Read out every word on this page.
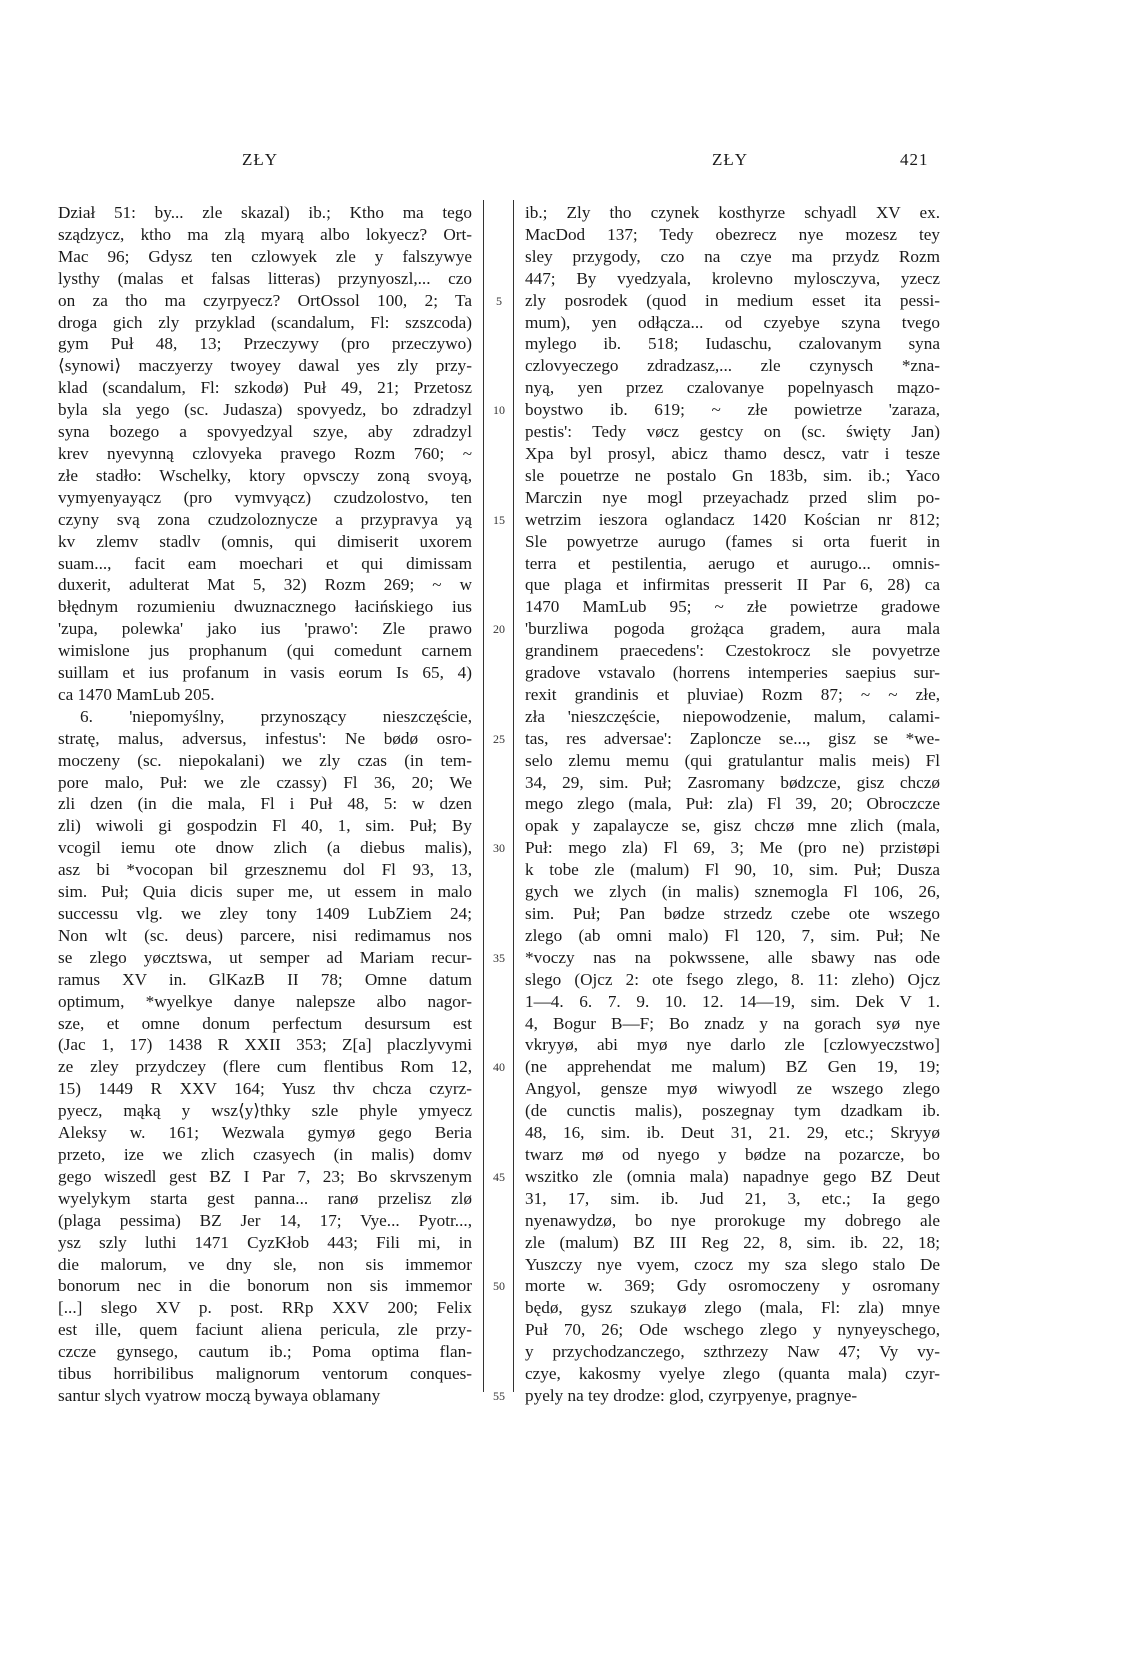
ZŁY	ZŁY	421
Dział 51: by... zle skazal) ib.; Ktho ma tego
sządzycz, ktho ma zlą myarą albo lokyecz? Ort-
Mac 96; Gdysz ten czlowyek zle y falszywye
lysthy (malas et falsas litteras) przynyoszl,... czo
on za tho ma czyrpyecz? OrtOssol 100, 2; Ta
droga gich zly przyklad (scandalum, Fl: szszcoda)
gym Puł 48, 13; Przeczywy (pro przeczywo)
⟨synowi⟩ maczyerzy twoyey dawal yes zly przy-
klad (scandalum, Fl: szkodø) Puł 49, 21; Przetosz
byla sla yego (sc. Judasza) spovyedz, bo zdradzyl
syna bozego a spovyedzyal szye, aby zdradzyl
krev nyevynną czlovyeka pravego Rozm 760; ~
złe stadło: Wschelky, ktory opvsczy zoną svoyą,
vymyenyayącz (pro vymvyącz) czudzolostvo, ten
czyny svą zona czudzoloznycze a przypravya yą
kv zlemv stadlv (omnis, qui dimiserit uxorem
suam..., facit eam moechari et qui dimissam
duxerit, adulterat Mat 5, 32) Rozm 269; ~ w
błędnym rozumieniu dwuznacznego łacińskiego ius
'zupa, polewka' jako ius 'prawo': Zle prawo
wimislone jus prophanum (qui comedunt carnem
suillam et ius profanum in vasis eorum Is 65, 4)
ca 1470 MamLub 205.
6. 'niepomyślny, przynoszący nieszczęście,
stratę, malus, adversus, infestus': Ne bødø osro-
moczeny (sc. niepokalani) we zly czas (in tem-
pore malo, Puł: we zle czassy) Fl 36, 20; We
zli dzen (in die mala, Fl i Puł 48, 5: w dzen
zli) wiwoli gi gospodzin Fl 40, 1, sim. Puł; By
vcogil iemu ote dnow zlich (a diebus malis),
asz bi *vocopan bil grzesznemu dol Fl 93, 13,
sim. Puł; Quia dicis super me, ut essem in malo
successu vlg. we zley tony 1409 LubZiem 24;
Non wlt (sc. deus) parcere, nisi redimamus nos
se zlego yøcztswa, ut semper ad Mariam recur-
ramus XV in. GlKazB II 78; Omne datum
optimum, *wyelkye danye nalepsze albo nagor-
sze, et omne donum perfectum desursum est
(Jac 1, 17) 1438 R XXII 353; Z[a] placzlyvymi
ze zley przydczey (flere cum flentibus Rom 12,
15) 1449 R XXV 164; Yusz thv chcza czyrz-
pyecz, mąką y wsz⟨y⟩thky szle phyle ymyecz
Aleksy w. 161; Wezwala gymyø gego Beria
przeto, ize we zlich czasyech (in malis) domv
gego wiszedl gest BZ I Par 7, 23; Bo skrvszenym
wyelykym starta gest panna... ranø przelisz zlø
(plaga pessima) BZ Jer 14, 17; Vye... Pyotr...,
ysz szly luthi 1471 CyzKłob 443; Fili mi, in
die malorum, ve dny sle, non sis immemor
bonorum nec in die bonorum non sis immemor
[...] slego XV p. post. RRp XXV 200; Felix
est ille, quem faciunt aliena pericula, zle przy-
czcze gynsego, cautum ib.; Poma optima flan-
tibus horribilibus malignorum ventorum conques-
santur slych vyatrow moczą bywaya oblamany
5
10
15
20
25
30
35
40
45
50
55
ib.; Zly tho czynek kosthyrze schyadl XV ex.
MacDod 137; Tedy obezrecz nye mozesz tey
sley przygody, czo na czye ma przydz Rozm
447; By vyedzyala, krolevno mylosczyva, yzecz
zly posrodek (quod in medium esset ita pessi-
mum), yen odłącza... od czyebye szyna tvego
mylego ib. 518; Iudaschu, czalovanym syna
czlovyeczego zdradzasz,... zle czynysch *zna-
nyą, yen przez czalovanye popelnyasch mązo-
boystwo ib. 619; ~ złe powietrze 'zaraza,
pestis': Tedy vøcz gestcy on (sc. święty Jan)
Xpa byl prosyl, abicz thamo descz, vatr i tesze
sle pouetrze ne postalo Gn 183b, sim. ib.; Yaco
Marczin nye mogl przeyachadz przed slim po-
wetrzim ieszora oglandacz 1420 Kościan nr 812;
Sle powyetrze aurugo (fames si orta fuerit in
terra et pestilentia, aerugo et aurugo... omnis-
que plaga et infirmitas presserit II Par 6, 28) ca
1470 MamLub 95; ~ złe powietrze gradowe
'burzliwa pogoda grożąca gradem, aura mala
grandinem praecedens': Czestokrocz sle povyetrze
gradove vstavalo (horrens intemperies saepius sur-
rexit grandinis et pluviae) Rozm 87; ~ ~ złe,
zła 'nieszczęście, niepowodzenie, malum, calami-
tas, res adversae': Zaploncze se..., gisz se *we-
selo zlemu memu (qui gratulantur malis meis) Fl
34, 29, sim. Puł; Zasromany bødzcze, gisz chczø
mego zlego (mala, Puł: zla) Fl 39, 20; Obroczcze
opak y zapalaycze se, gisz chczø mne zlich (mala,
Puł: mego zla) Fl 69, 3; Me (pro ne) przistøpi
k tobe zle (malum) Fl 90, 10, sim. Puł; Dusza
gych we zlych (in malis) sznemogla Fl 106, 26,
sim. Puł; Pan bødze strzedz czebe ote wszego
zlego (ab omni malo) Fl 120, 7, sim. Puł; Ne
*voczy nas na pokwssene, alle sbawy nas ode
slego (Ojcz 2: ote fsego zlego, 8. 11: zleho) Ojcz
1—4. 6. 7. 9. 10. 12. 14—19, sim. Dek V 1.
4, Bogur B—F; Bo znadz y na gorach syø nye
vkryyø, abi myø nye darlo zle [czlowyeczstwo]
(ne apprehendat me malum) BZ Gen 19, 19;
Angyol, gensze myø wiwyodl ze wszego zlego
(de cunctis malis), poszegnay tym dzadkam ib.
48, 16, sim. ib. Deut 31, 21. 29, etc.; Skryyø
twarz mø od nyego y bødze na pozarcze, bo
wszitko zle (omnia mala) napadnye gego BZ Deut
31, 17, sim. ib. Jud 21, 3, etc.; Ia gego
nyenawydzø, bo nye prorokuge my dobrego ale
zle (malum) BZ III Reg 22, 8, sim. ib. 22, 18;
Yuszczy nye vyem, czocz my sza slego stalo De
morte w. 369; Gdy osromoczeny y osromany
będø, gysz szukayø zlego (mala, Fl: zla) mnye
Puł 70, 26; Ode wschego zlego y nynyeyschego,
y przychodzanczego, szthrzezy Naw 47; Vy vy-
czye, kakosmy vyelye zlego (quanta mala) czyr-
pyely na tey drodze: glod, czyrpyenye, pragnye-
